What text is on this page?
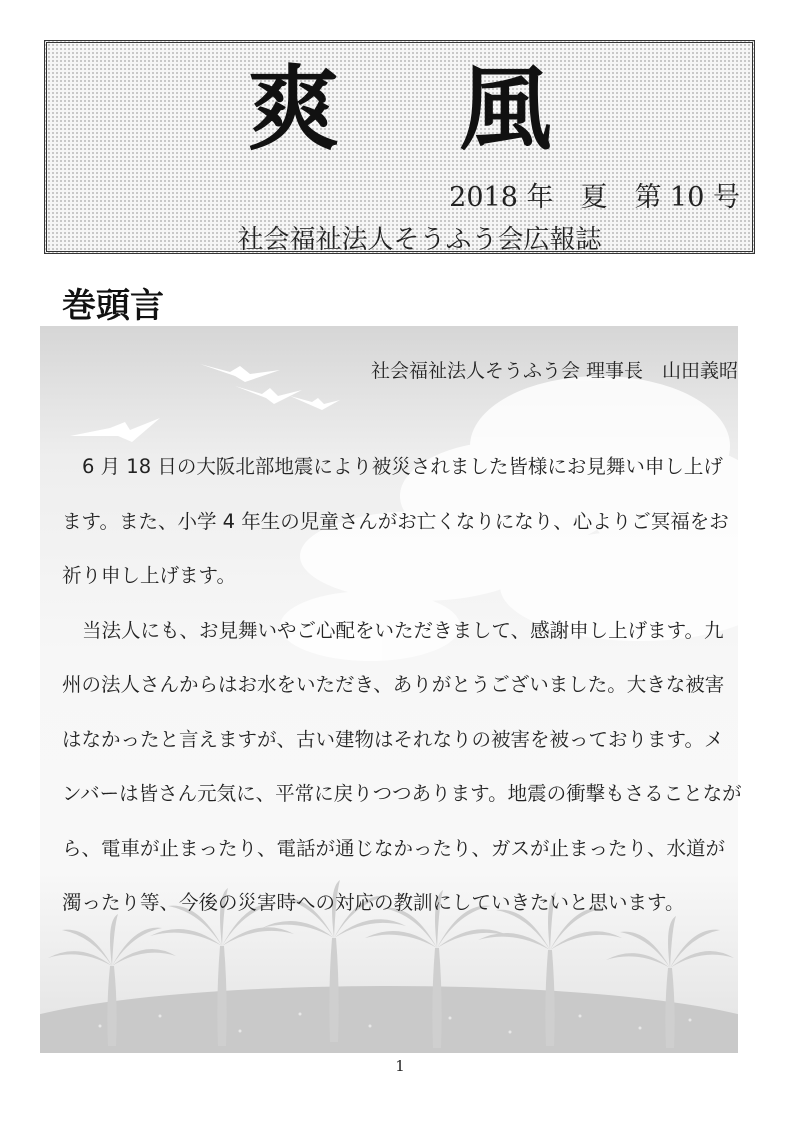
爽風
2018 年　夏　第 10 号
社会福祉法人そうふう会広報誌
巻頭言
社会福祉法人そうふう会 理事長　山田義昭

6 月 18 日の大阪北部地震により被災されました皆様にお見舞い申し上げます。また、小学 4 年生の児童さんがお亡くなりになり、心よりご冥福をお祈り申し上げます。

当法人にも、お見舞いやご心配をいただきまして、感謝申し上げます。九州の法人さんからはお水をいただき、ありがとうございました。大きな被害はなかったと言えますが、古い建物はそれなりの被害を被っております。メンバーは皆さん元気に、平常に戻りつつあります。地震の衝撃もさることながら、電車が止まったり、電話が通じなかったり、ガスが止まったり、水道が濁ったり等、今後の災害時への対応の教訓にしていきたいと思います。

1
